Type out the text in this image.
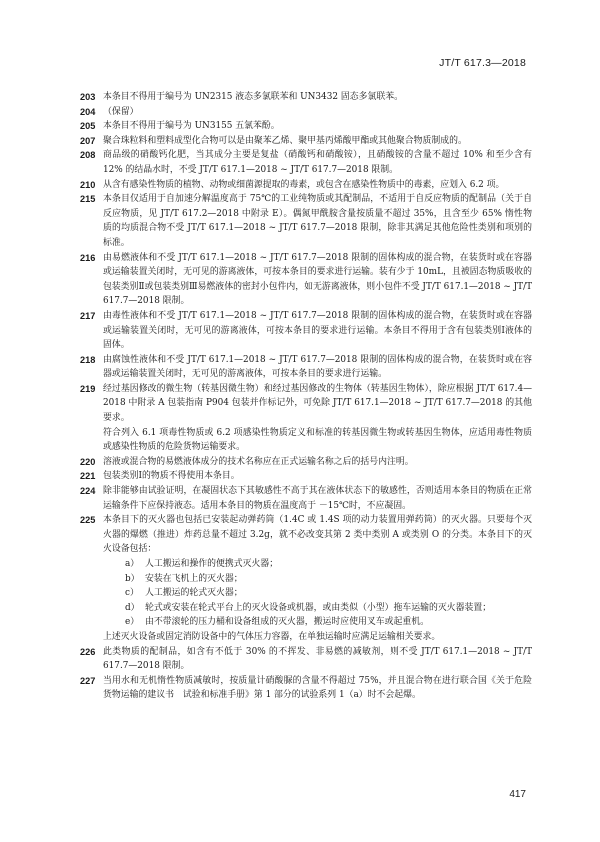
JT/T 617.3—2018
203 本条目不得用于编号为 UN2315 液态多氯联苯和 UN3432 固态多氯联苯。

204 （保留）

205 本条目不得用于编号为 UN3155 五氯苯酚。

207 聚合珠粒料和塑料成型化合物可以是由聚苯乙烯、聚甲基丙烯酸甲酯或其他聚合物质制成的。

208 商品级的硝酸钙化肥，当其成分主要是复盐（硝酸钙和硝酸铵），且硝酸铵的含量不超过 10% 和至少含有 12% 的结晶水时，不受 JT/T 617.1—2018 ~ JT/T 617.7—2018 限制。

210 从含有感染性物质的植物、动物或细菌源提取的毒素，或包含在感染性物质中的毒素，应划入 6.2 项。

215 本条目仅适用于自加速分解温度高于 75℃的工业纯物质或其配制品，不适用于自反应物质的配制品（关于自反应物质，见 JT/T 617.2—2018 中附录 E）。偶氮甲酰胺含量按质量不超过 35%，且含至少 65% 惰性物质的均质混合物不受 JT/T 617.1—2018 ~ JT/T 617.7—2018 限制，除非其满足其他危险性类别和项别的标准。

216 由易燃液体和不受 JT/T 617.1—2018 ~ JT/T 617.7—2018 限制的固体构成的混合物，在装货时或在容器或运输装置关闭时，无可见的游离液体，可按本条目的要求进行运输。装有少于 10mL，且被固态物质吸收的包装类别Ⅱ或包装类别Ⅲ易燃液体的密封小包件内，如无游离液体，则小包件不受 JT/T 617.1—2018 ~ JT/T 617.7—2018 限制。

217 由毒性液体和不受 JT/T 617.1—2018 ~ JT/T 617.7—2018 限制的固体构成的混合物，在装货时或在容器或运输装置关闭时，无可见的游离液体，可按本条目的要求进行运输。本条目不得用于含有包装类别Ⅰ液体的固体。

218 由腐蚀性液体和不受 JT/T 617.1—2018 ~ JT/T 617.7—2018 限制的固体构成的混合物，在装货时或在容器或运输装置关闭时，无可见的游离液体，可按本条目的要求进行运输。

219 经过基因修改的微生物（转基因微生物）和经过基因修改的生物体（转基因生物体），除应根据 JT/T 617.4—2018 中附录 A 包装指南 P904 包装并作标记外，可免除 JT/T 617.1—2018 ~ JT/T 617.7—2018 的其他要求。

符合列入 6.1 项毒性物质或 6.2 项感染性物质定义和标准的转基因微生物或转基因生物体，应适用毒性物质或感染性物质的危险货物运输要求。

220 溶液或混合物的易燃液体成分的技术名称应在正式运输名称之后的括号内注明。

221 包装类别Ⅰ的物质不得使用本条目。

224 除非能够由试验证明，在凝固状态下其敏感性不高于其在液体状态下的敏感性，否则适用本条目的物质在正常运输条件下应保持液态。适用本条目的物质在温度高于 －15℃时，不应凝固。

225 本条目下的灭火器也包括已安装起动弹药筒（1.4C 或 1.4S 项的动力装置用弹药筒）的灭火器。只要每个灭火器的爆燃（推进）炸药总量不超过 3.2g，就不必改变其第 2 类中类别 A 或类别 O 的分类。本条目下的灭火设备包括：

a） 人工搬运和操作的便携式灭火器；
b） 安装在飞机上的灭火器；
c） 人工搬运的轮式灭火器；
d） 轮式或安装在轮式平台上的灭火设备或机器，或由类似（小型）拖车运输的灭火器装置；
e） 由不带滚轮的压力桶和设备组成的灭火器，搬运时应使用叉车或起重机。

上述灭火设备或固定消防设备中的气体压力容器，在单独运输时应满足运输相关要求。

226 此类物质的配制品，如含有不低于 30% 的不挥发、非易燃的减敏剂，则不受 JT/T 617.1—2018 ~ JT/T 617.7—2018 限制。

227 当用水和无机惰性物质减敏时，按质量计硝酸脲的含量不得超过 75%，并且混合物在进行联合国《关于危险货物运输的建议书　试验和标准手册》第 1 部分的试验系列 1（a）时不会起爆。

417
